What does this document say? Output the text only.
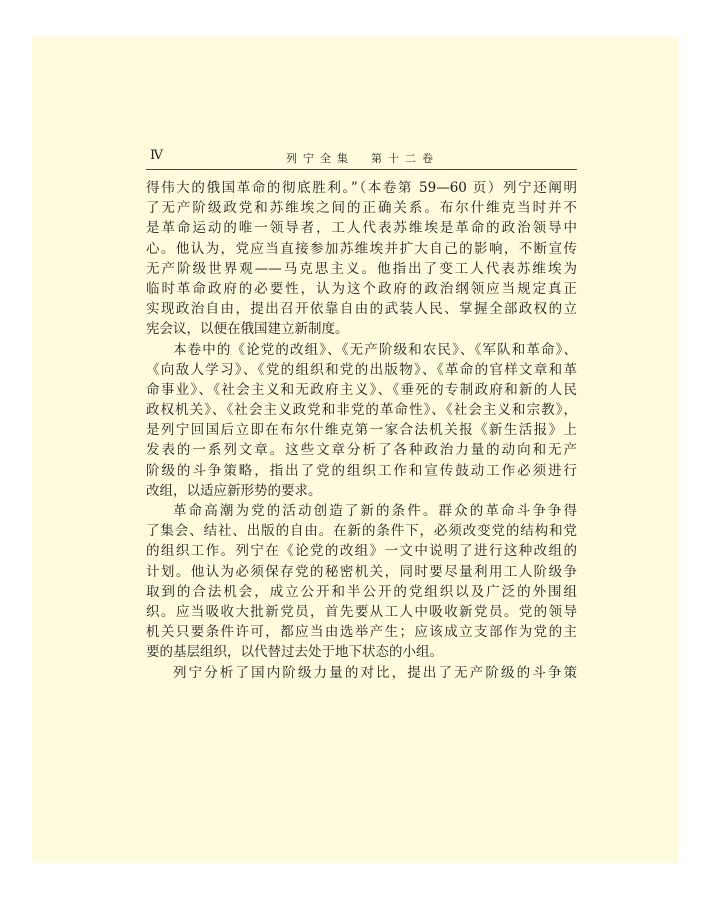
Ⅳ	列宁全集　第十二卷
得伟大的俄国革命的彻底胜利。”（本卷第 59—60 页）列宁还阐明
了无产阶级政党和苏维埃之间的正确关系。布尔什维克当时并不
是革命运动的唯一领导者，工人代表苏维埃是革命的政治领导中
心。他认为，党应当直接参加苏维埃并扩大自己的影响，不断宣传
无产阶级世界观——马克思主义。他指出了变工人代表苏维埃为
临时革命政府的必要性，认为这个政府的政治纲领应当规定真正
实现政治自由，提出召开依靠自由的武装人民、掌握全部政权的立
宪会议，以便在俄国建立新制度。
本卷中的《论党的改组》、《无产阶级和农民》、《军队和革命》、
《向敌人学习》、《党的组织和党的出版物》、《革命的官样文章和革
命事业》、《社会主义和无政府主义》、《垂死的专制政府和新的人民
政权机关》、《社会主义政党和非党的革命性》、《社会主义和宗教》，
是列宁回国后立即在布尔什维克第一家合法机关报《新生活报》上
发表的一系列文章。这些文章分析了各种政治力量的动向和无产
阶级的斗争策略，指出了党的组织工作和宣传鼓动工作必须进行
改组，以适应新形势的要求。
革命高潮为党的活动创造了新的条件。群众的革命斗争争得
了集会、结社、出版的自由。在新的条件下，必须改变党的结构和党
的组织工作。列宁在《论党的改组》一文中说明了进行这种改组的
计划。他认为必须保存党的秘密机关，同时要尽量利用工人阶级争
取到的合法机会，成立公开和半公开的党组织以及广泛的外围组
织。应当吸收大批新党员，首先要从工人中吸收新党员。党的领导
机关只要条件许可，都应当由选举产生；应该成立支部作为党的主
要的基层组织，以代替过去处于地下状态的小组。
列宁分析了国内阶级力量的对比，提出了无产阶级的斗争策
